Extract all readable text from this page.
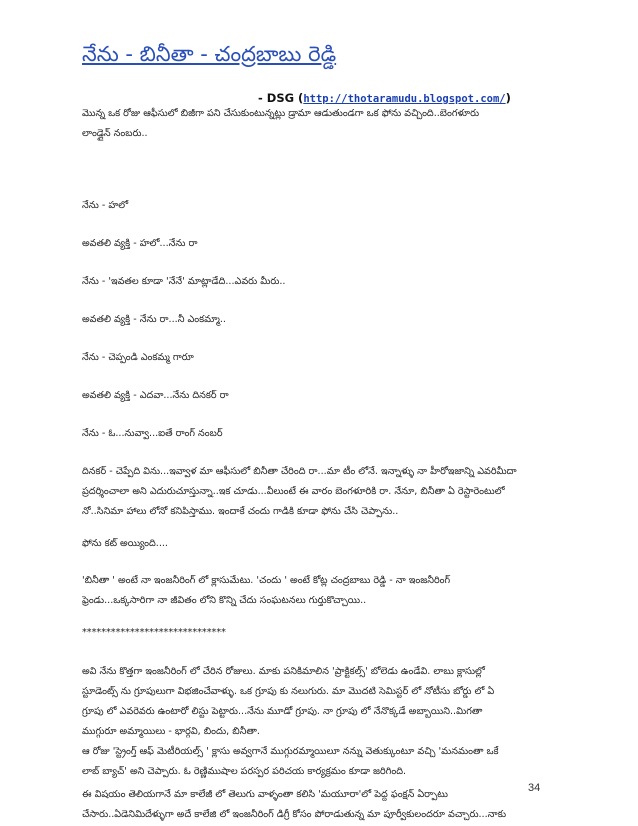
నేను - బినీతా - చంద్రబాబు రెడ్డి
- DSG (http://thotaramudu.blogspot.com/)
మొన్న ఒక రోజు ఆఫీసులో బిజీగా పని చేసుకుంటున్నట్లు డ్రామా ఆడుతుండగా ఒక ఫోను వచ్చింది..బెంగళూరు
లాండ్లైన్ నంబరు..
నేను - హలో
అవతలి వ్యక్తి - హలో...నేను రా
నేను - 'ఇవతల కూడా 'నేనే' మాట్లాడేది...ఎవరు మీరు..
అవతలి వ్యక్తి - నేను రా...నీ ఎంకమ్మా..
నేను - చెప్పండి ఎంకమ్మ గారూ
అవతలి వ్యక్తి - ఎదవా...నేను దినకర్ రా
నేను - ఓ...నువ్వా...ఐతే రాంగ్ నంబర్
దినకర్ - చెప్పేది విను...ఇవ్వాళ మా ఆఫీసులో బినీతా చేరింది రా...మా టీం లోనే. ఇన్నాళ్ళు నా హీరోఇజాన్ని ఎవరిమీదా
ప్రదర్శించాలా అని ఎదురుచూస్తున్నా..ఇక చూడు...వీలుంటే ఈ వారం బెంగళూరికి రా. నేనూ, బినీతా ఏ రెస్టారెంటులో
నో..సినిమా హాలు లోనో కనిపిస్తాము. ఇందాకే చందు గాడికి కూడా ఫోను చేసి చెప్పాను..
ఫోను కట్ అయ్యింది....
'బినీతా ' అంటే నా ఇంజనీరింగ్ లో క్లాసుమేటు. 'చందు ' అంటే కోట్ల చంద్రబాబు రెడ్డి - నా ఇంజనీరింగ్
ఫ్రెండు...ఒక్కసారిగా నా జీవితం లోని కొన్ని చేదు సంఘటనలు గుర్తుకొచ్చాయి..
******************************
అవి నేను కొత్తగా ఇంజనీరింగ్ లో చేరిన రోజులు. మాకు పనికిమాలిన 'ప్రాక్టికల్స్' బోలెడు ఉండేవి. లాబు క్లాసుల్లో
స్టూడెంట్స్ ను గ్రూపులుగా విభజించేవాళ్ళు. ఒక గ్రూపు కు నలుగురు. మా మొదటి సెమిస్టర్ లో నోటీసు బోర్డు లో ఏ
గ్రూపు లో ఎవరెవరు ఉంటారో లిస్టు పెట్టారు...నేను మూడో గ్రూపు. నా గ్రూపు లో నేనొక్కడే అబ్బాయిని..మిగతా
ముగ్గురూ అమ్మాయిలు - భార్గవి, బిందు, బినీతా.
ఆ రోజు 'స్ట్రెంగ్త్ ఆఫ్ మెటీరియల్స్ ' క్లాసు అవ్వగానే ముగ్గురమ్మాయిలూ నన్ను వెతుక్కుంటూ వచ్చి 'మనమంతా ఒకే
లాబ్ బ్యాచ్' అని చెప్పారు. ఓ రెణ్ణిముషాల పరస్పర పరిచయ కార్యక్రమం కూడా జరిగింది.
ఈ విషయం తెలియగానే మా కాలేజీ లో తెలుగు వాళ్ళంతా కలిసి 'మయూరా'లో పెద్ద ఫంక్షన్ ఏర్పాటు
చేసారు..ఏడెనిమిదేళ్ళుగా అదే కాలేజి లో ఇంజనీరింగ్ డిగ్రీ కోసం పోరాడుతున్న మా పూర్వీకులందరూ వచ్చారు...నాకు
34
